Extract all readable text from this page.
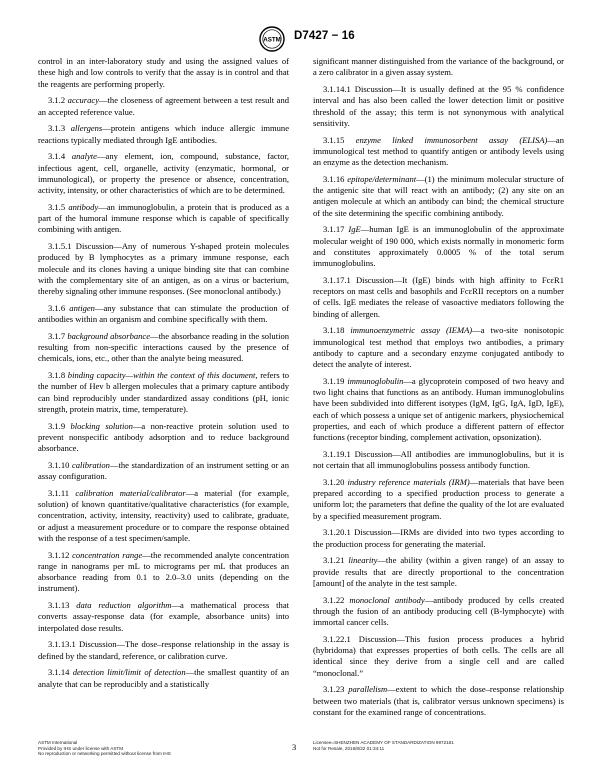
ASTM D7427 − 16

control in an inter-laboratory study and using the assigned values of these high and low controls to verify that the assay is in control and that the reagents are performing properly.

3.1.2 accuracy—the closeness of agreement between a test result and an accepted reference value.

3.1.3 allergens—protein antigens which induce allergic immune reactions typically mediated through IgE antibodies.

3.1.4 analyte—any element, ion, compound, substance, factor, infectious agent, cell, organelle, activity (enzymatic, hormonal, or immunological), or property the presence or absence, concentration, activity, intensity, or other characteristics of which are to be determined.

3.1.5 antibody—an immunoglobulin, a protein that is produced as a part of the humoral immune response which is capable of specifically combining with antigen.

3.1.5.1 Discussion—Any of numerous Y-shaped protein molecules produced by B lymphocytes as a primary immune response, each molecule and its clones having a unique binding site that can combine with the complementary site of an antigen, as on a virus or bacterium, thereby signaling other immune responses. (See monoclonal antibody.)

3.1.6 antigen—any substance that can stimulate the production of antibodies within an organism and combine specifically with them.

3.1.7 background absorbance—the absorbance reading in the solution resulting from non-specific interactions caused by the presence of chemicals, ions, etc., other than the analyte being measured.

3.1.8 binding capacity—within the context of this document, refers to the number of Hev b allergen molecules that a primary capture antibody can bind reproducibly under standardized assay conditions (pH, ionic strength, protein matrix, time, temperature).

3.1.9 blocking solution—a non-reactive protein solution used to prevent nonspecific antibody adsorption and to reduce background absorbance.

3.1.10 calibration—the standardization of an instrument setting or an assay configuration.

3.1.11 calibration material/calibrator—a material (for example, solution) of known quantitative/qualitative characteristics (for example, concentration, activity, intensity, reactivity) used to calibrate, graduate, or adjust a measurement procedure or to compare the response obtained with the response of a test specimen/sample.

3.1.12 concentration range—the recommended analyte concentration range in nanograms per mL to micrograms per mL that produces an absorbance reading from 0.1 to 2.0–3.0 units (depending on the instrument).

3.1.13 data reduction algorithm—a mathematical process that converts assay-response data (for example, absorbance units) into interpolated dose results.

3.1.13.1 Discussion—The dose–response relationship in the assay is defined by the standard, reference, or calibration curve.

3.1.14 detection limit/limit of detection—the smallest quantity of an analyte that can be reproducibly and a statistically

significant manner distinguished from the variance of the background, or a zero calibrator in a given assay system.

3.1.14.1 Discussion—It is usually defined at the 95 % confidence interval and has also been called the lower detection limit or positive threshold of the assay; this term is not synonymous with analytical sensitivity.

3.1.15 enzyme linked immunosorbent assay (ELISA)—an immunological test method to quantify antigen or antibody levels using an enzyme as the detection mechanism.

3.1.16 epitope/determinant—(1) the minimum molecular structure of the antigenic site that will react with an antibody; (2) any site on an antigen molecule at which an antibody can bind; the chemical structure of the site determining the specific combining antibody.

3.1.17 IgE—human IgE is an immunoglobulin of the approximate molecular weight of 190 000, which exists normally in monomeric form and constitutes approximately 0.0005 % of the total serum immunoglobulins.

3.1.17.1 Discussion—It (IgE) binds with high affinity to FcεR1 receptors on mast cells and basophils and FcεRII receptors on a number of cells. IgE mediates the release of vasoactive mediators following the binding of allergen.

3.1.18 immunoenzymetric assay (IEMA)—a two-site nonisotopic immunological test method that employs two antibodies, a primary antibody to capture and a secondary enzyme conjugated antibody to detect the analyte of interest.

3.1.19 immunoglobulin—a glycoprotein composed of two heavy and two light chains that functions as an antibody. Human immunoglobulins have been subdivided into different isotypes (IgM, IgG, IgA, IgD, IgE), each of which possess a unique set of antigenic markers, physiochemical properties, and each of which produce a different pattern of effector functions (receptor binding, complement activation, opsonization).

3.1.19.1 Discussion—All antibodies are immunoglobulins, but it is not certain that all immunoglobulins possess antibody function.

3.1.20 industry reference materials (IRM)—materials that have been prepared according to a specified production process to generate a uniform lot; the parameters that define the quality of the lot are evaluated by a specified measurement program.

3.1.20.1 Discussion—IRMs are divided into two types according to the production process for generating the material.

3.1.21 linearity—the ability (within a given range) of an assay to provide results that are directly proportional to the concentration [amount] of the analyte in the test sample.

3.1.22 monoclonal antibody—antibody produced by cells created through the fusion of an antibody producing cell (B-lymphocyte) with immortal cancer cells.

3.1.22.1 Discussion—This fusion process produces a hybrid (hybridoma) that expresses properties of both cells. The cells are all identical since they derive from a single cell and are called “monoclonal.”

3.1.23 parallelism—extent to which the dose–response relationship between two materials (that is, calibrator versus unknown specimens) is constant for the examined range of concentrations.

3
ASTM International
Provided by IHS under license with ASTM
No reproduction or networking permitted without license from IHS
Licensee=SHENZHEN ACADEMY OF STANDARDIZATION 9972181
Not for Resale, 2016/8/22 01:34:11
